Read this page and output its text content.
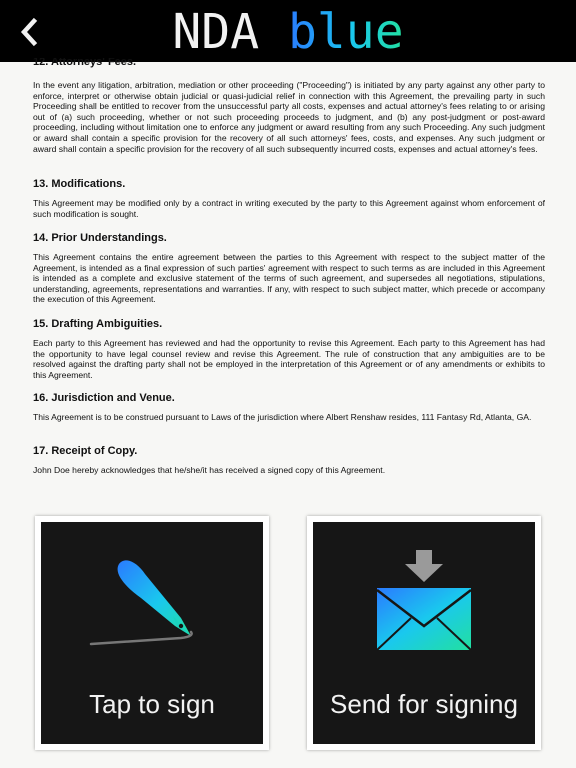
NDA blue
12. Attorneys' Fees.

In the event any litigation, arbitration, mediation or other proceeding ("Proceeding") is initiated by any party against any other party to enforce, interpret or otherwise obtain judicial or quasi-judicial relief in connection with this Agreement, the prevailing party in such Proceeding shall be entitled to recover from the unsuccessful party all costs, expenses and actual attorney's fees relating to or arising out of (a) such proceeding, whether or not such proceeding proceeds to judgment, and (b) any post-judgment or post-award proceeding, including without limitation one to enforce any judgment or award resulting from any such Proceeding. Any such judgment or award shall contain a specific provision for the recovery of all such attorneys' fees, costs, and expenses. Any such judgment or award shall contain a specific provision for the recovery of all such subsequently incurred costs, expenses and actual attorney's fees.

13. Modifications.

This Agreement may be modified only by a contract in writing executed by the party to this Agreement against whom enforcement of such modification is sought.

14. Prior Understandings.

This Agreement contains the entire agreement between the parties to this Agreement with respect to the subject matter of the Agreement, is intended as a final expression of such parties' agreement with respect to such terms as are included in this Agreement is intended as a complete and exclusive statement of the terms of such agreement, and supersedes all negotiations, stipulations, understanding, agreements, representations and warranties. If any, with respect to such subject matter, which precede or accompany the execution of this Agreement.

15. Drafting Ambiguities.

Each party to this Agreement has reviewed and had the opportunity to revise this Agreement. Each party to this Agreement has had the opportunity to have legal counsel review and revise this Agreement. The rule of construction that any ambiguities are to be resolved against the drafting party shall not be employed in the interpretation of this Agreement or of any amendments or exhibits to this Agreement.

16. Jurisdiction and Venue.

This Agreement is to be construed pursuant to Laws of the jurisdiction where Albert Renshaw resides, 111 Fantasy Rd, Atlanta, GA.

17. Receipt of Copy.

John Doe hereby acknowledges that he/she/it has received a signed copy of this Agreement.

Tap to sign	Send for signing
